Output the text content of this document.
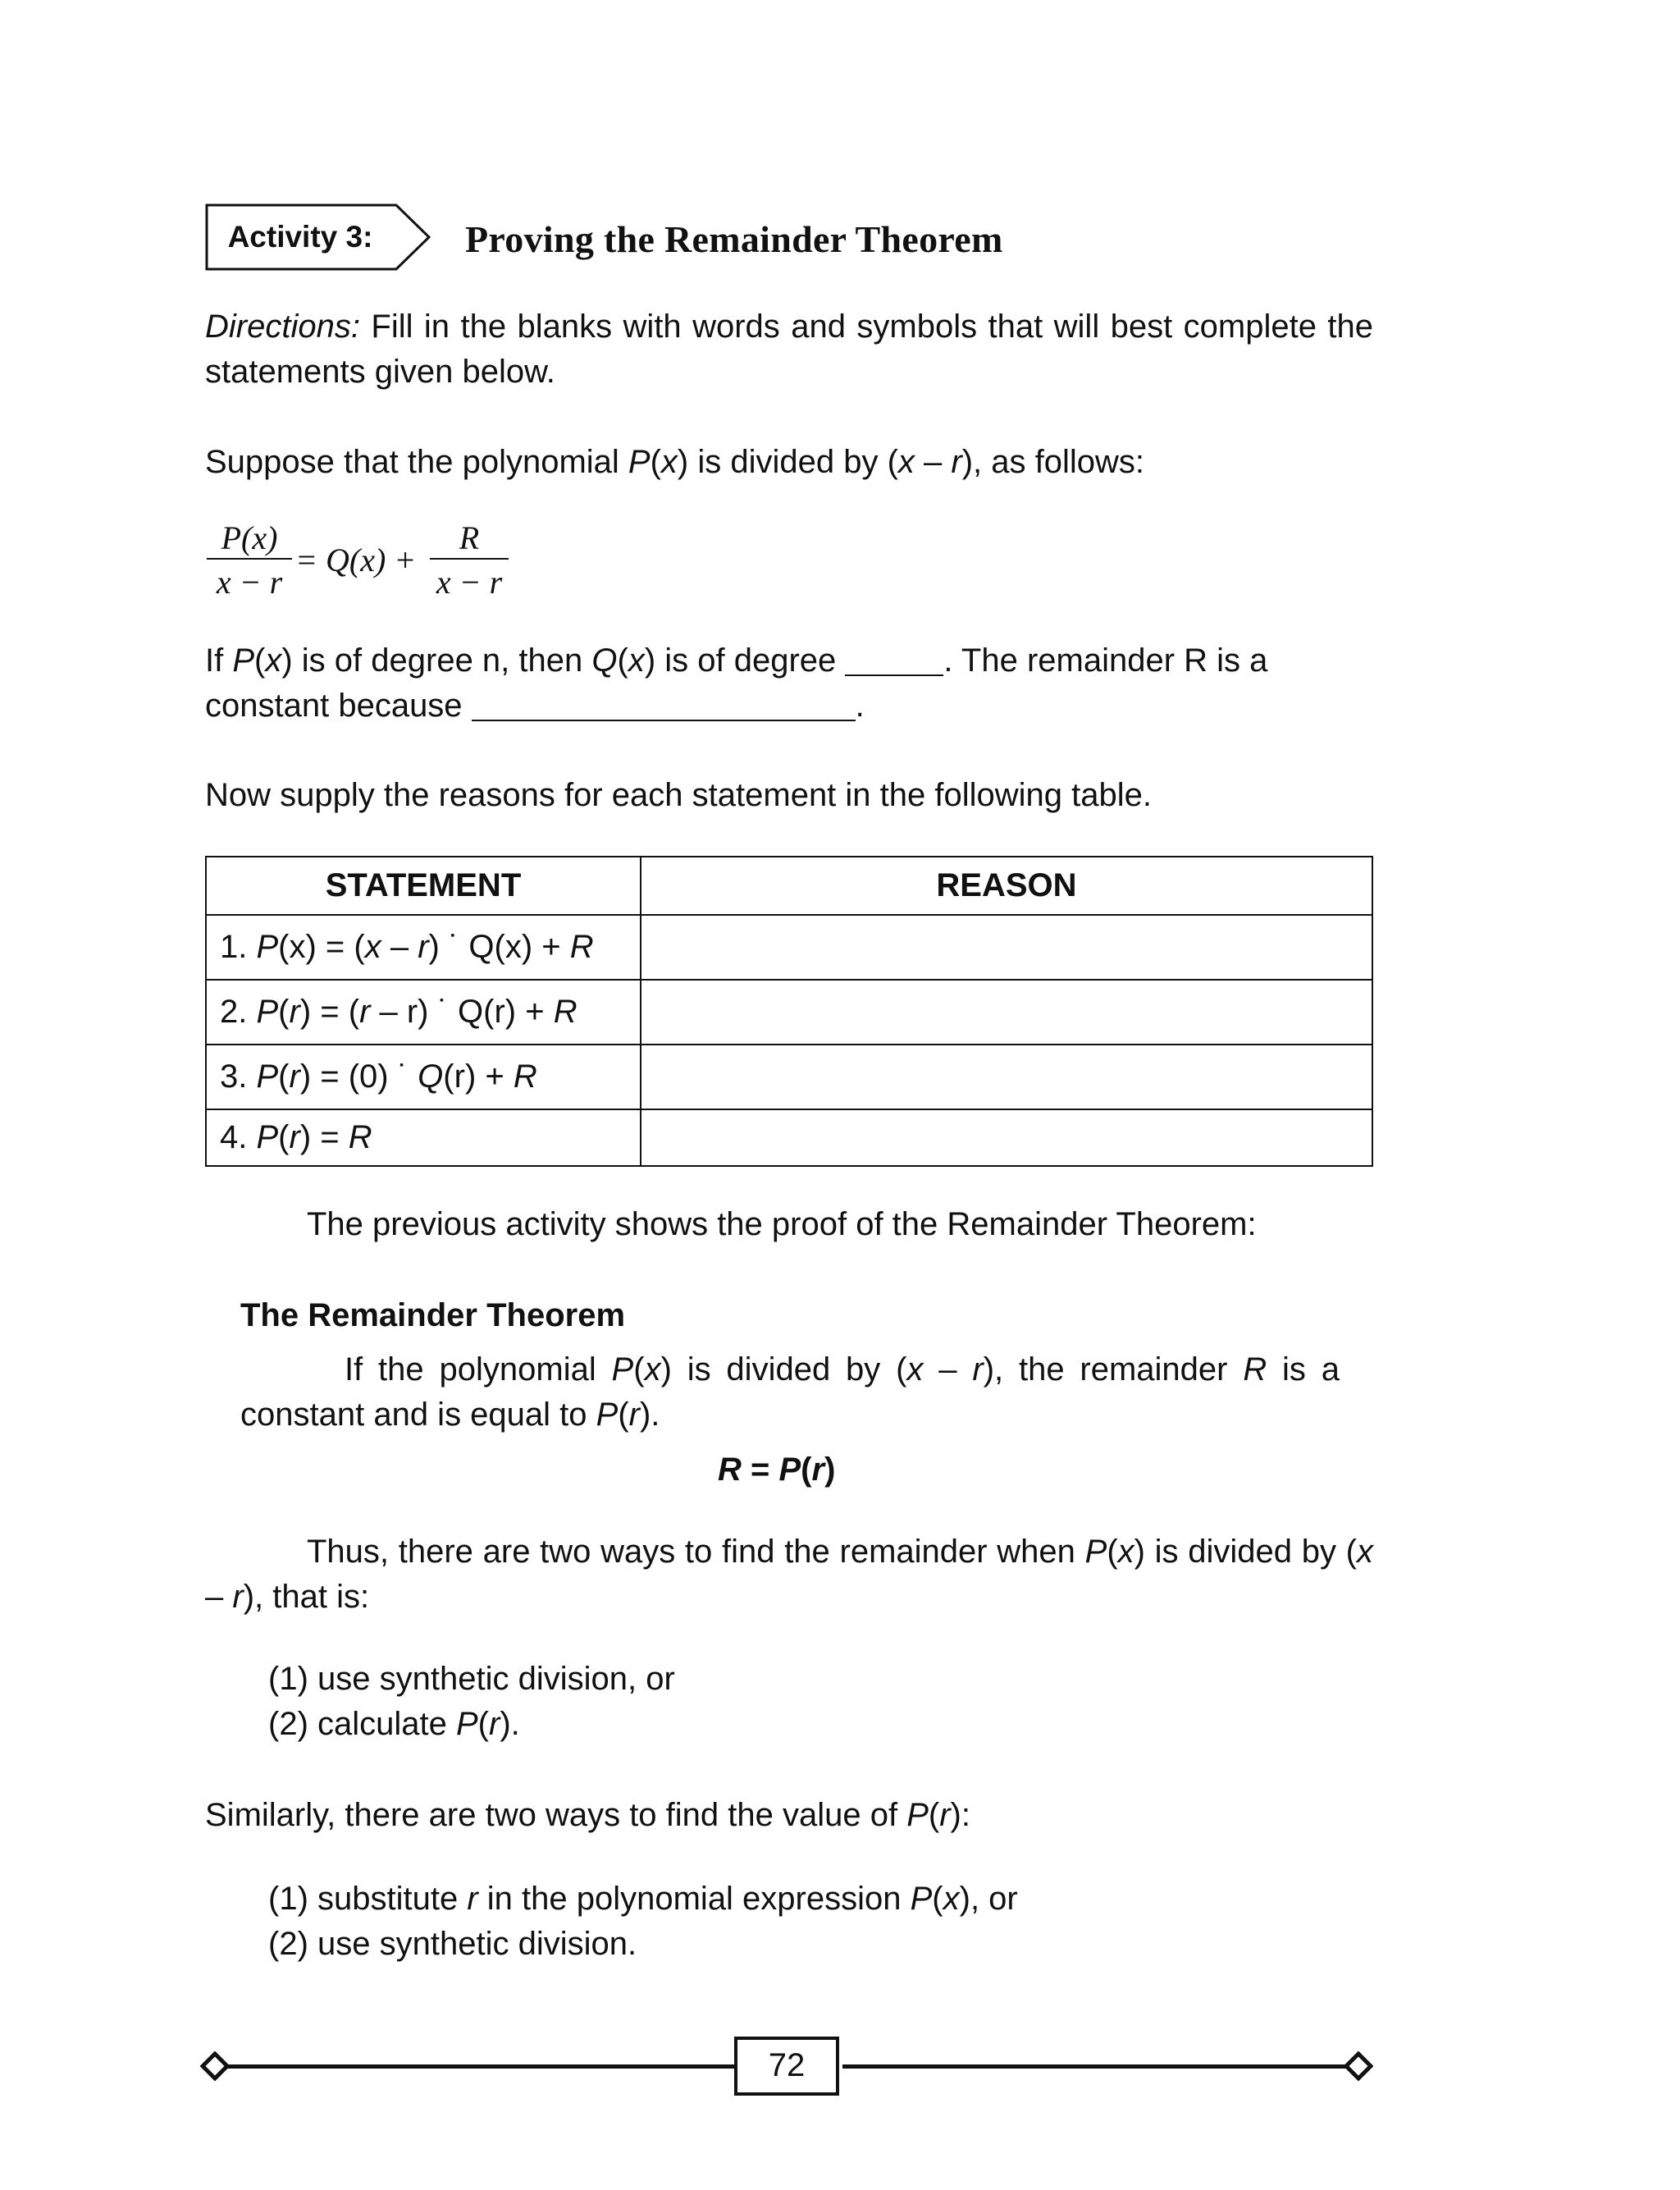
Activity 3:	Proving the Remainder Theorem

Directions: Fill in the blanks with words and symbols that will best complete the statements given below.

Suppose that the polynomial P(x) is divided by (x – r), as follows:

P(x)
x − r
= Q(x) +
R
x − r

If P(x) is of degree n, then Q(x) is of degree	. The remainder R is a constant because	.

Now supply the reasons for each statement in the following table.

STATEMENT	REASON
1. P(x) = (x – r) ˙ Q(x) + R	
2. P(r) = (r – r) ˙ Q(r) + R	
3. P(r) = (0) ˙ Q(r) + R	
4. P(r) = R	

The previous activity shows the proof of the Remainder Theorem:

The Remainder Theorem

If the polynomial P(x) is divided by (x – r), the remainder R is a constant and is equal to P(r).

R = P(r)

Thus, there are two ways to find the remainder when P(x) is divided by (x – r), that is:

(1) use synthetic division, or

(2) calculate P(r).

Similarly, there are two ways to find the value of P(r):

(1) substitute r in the polynomial expression P(x), or

(2) use synthetic division.

72
